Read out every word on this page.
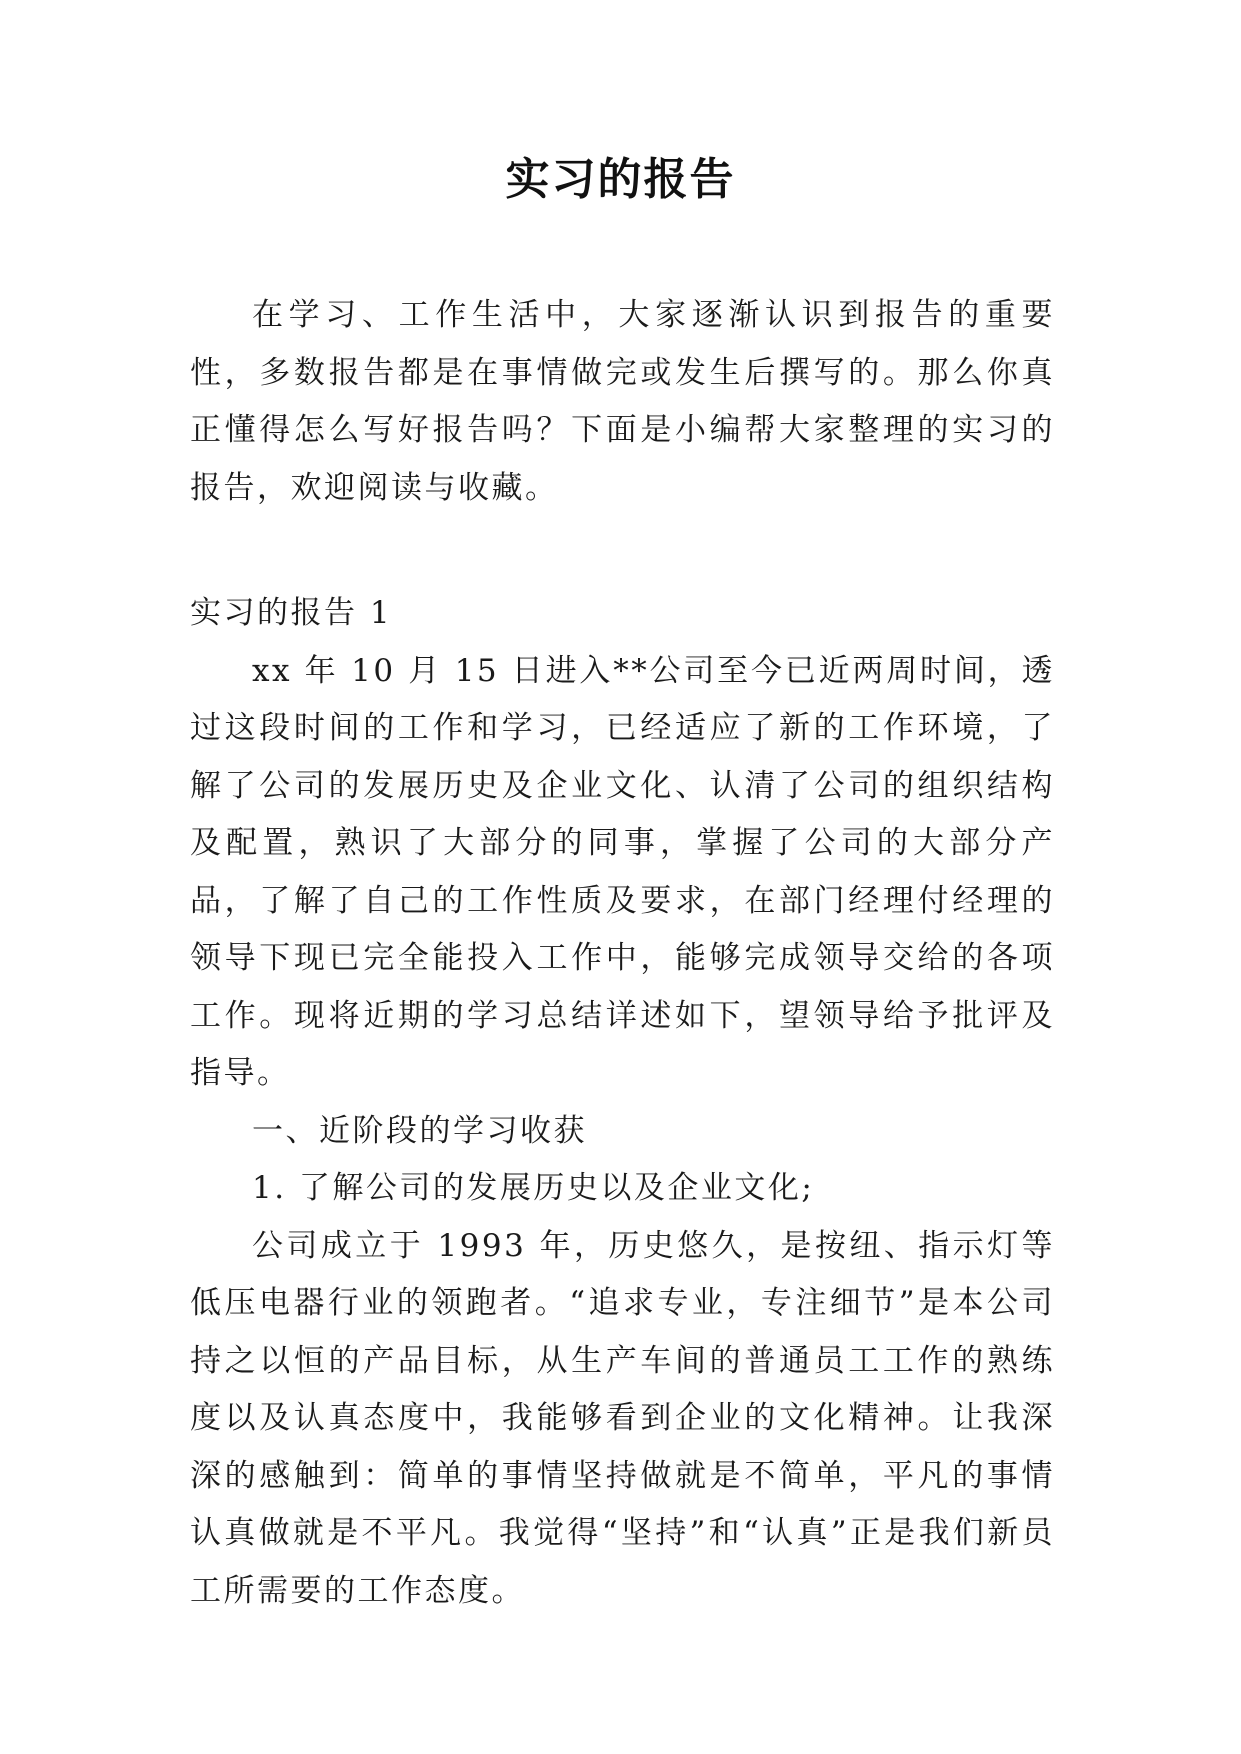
实习的报告

在学习、工作生活中，大家逐渐认识到报告的重要性，多数报告都是在事情做完或发生后撰写的。那么你真正懂得怎么写好报告吗？下面是小编帮大家整理的实习的报告，欢迎阅读与收藏。

实习的报告 1

xx 年 10 月 15 日进入**公司至今已近两周时间，透过这段时间的工作和学习，已经适应了新的工作环境，了解了公司的发展历史及企业文化、认清了公司的组织结构及配置，熟识了大部分的同事，掌握了公司的大部分产品，了解了自己的工作性质及要求，在部门经理付经理的领导下现已完全能投入工作中，能够完成领导交给的各项工作。现将近期的学习总结详述如下，望领导给予批评及指导。

一、近阶段的学习收获

1. 了解公司的发展历史以及企业文化;

公司成立于 1993 年，历史悠久，是按纽、指示灯等低压电器行业的领跑者。“追求专业，专注细节”是本公司持之以恒的产品目标，从生产车间的普通员工工作的熟练度以及认真态度中，我能够看到企业的文化精神。让我深深的感触到：简单的事情坚持做就是不简单，平凡的事情认真做就是不平凡。我觉得“坚持”和“认真”正是我们新员工所需要的工作态度。
